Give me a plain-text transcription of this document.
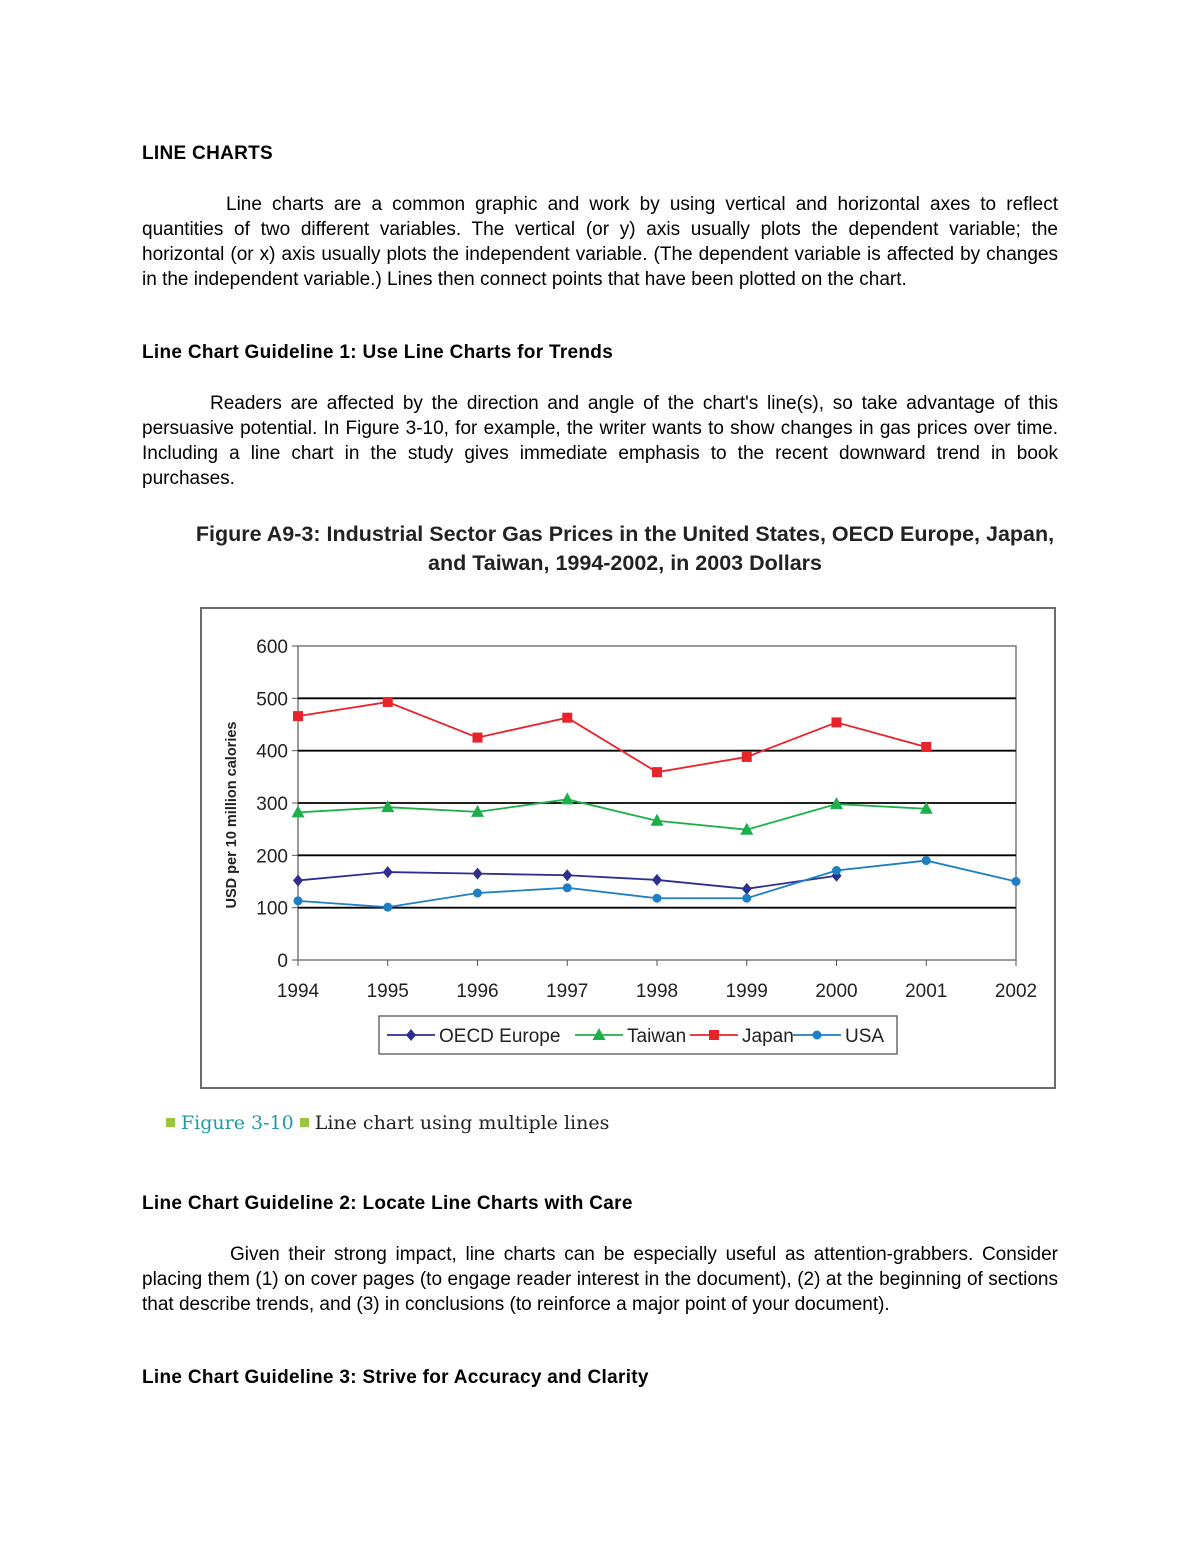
LINE CHARTS

Line charts are a common graphic and work by using vertical and horizontal axes to reflect quantities of two different variables. The vertical (or y) axis usually plots the dependent variable; the horizontal (or x) axis usually plots the independent variable. (The dependent variable is affected by changes in the independent variable.) Lines then connect points that have been plotted on the chart.

Line Chart Guideline 1: Use Line Charts for Trends

Readers are affected by the direction and angle of the chart's line(s), so take advantage of this persuasive potential. In Figure 3-10, for example, the writer wants to show changes in gas prices over time. Including a line chart in the study gives immediate emphasis to the recent downward trend in book purchases.

Figure A9-3: Industrial Sector Gas Prices in the United States, OECD Europe, Japan,
and Taiwan, 1994-2002, in 2003 Dollars
0
100
200
300
400
500
600
1994 1995 1996 1997 1998 1999 2000 2001 2002
USD per 10 million calories
OECD Europe	Taiwan	Japan	USA
Figure 3-10 Line chart using multiple lines

Line Chart Guideline 2: Locate Line Charts with Care

Given their strong impact, line charts can be especially useful as attention-grabbers. Consider placing them (1) on cover pages (to engage reader interest in the document), (2) at the beginning of sections that describe trends, and (3) in conclusions (to reinforce a major point of your document).

Line Chart Guideline 3: Strive for Accuracy and Clarity
